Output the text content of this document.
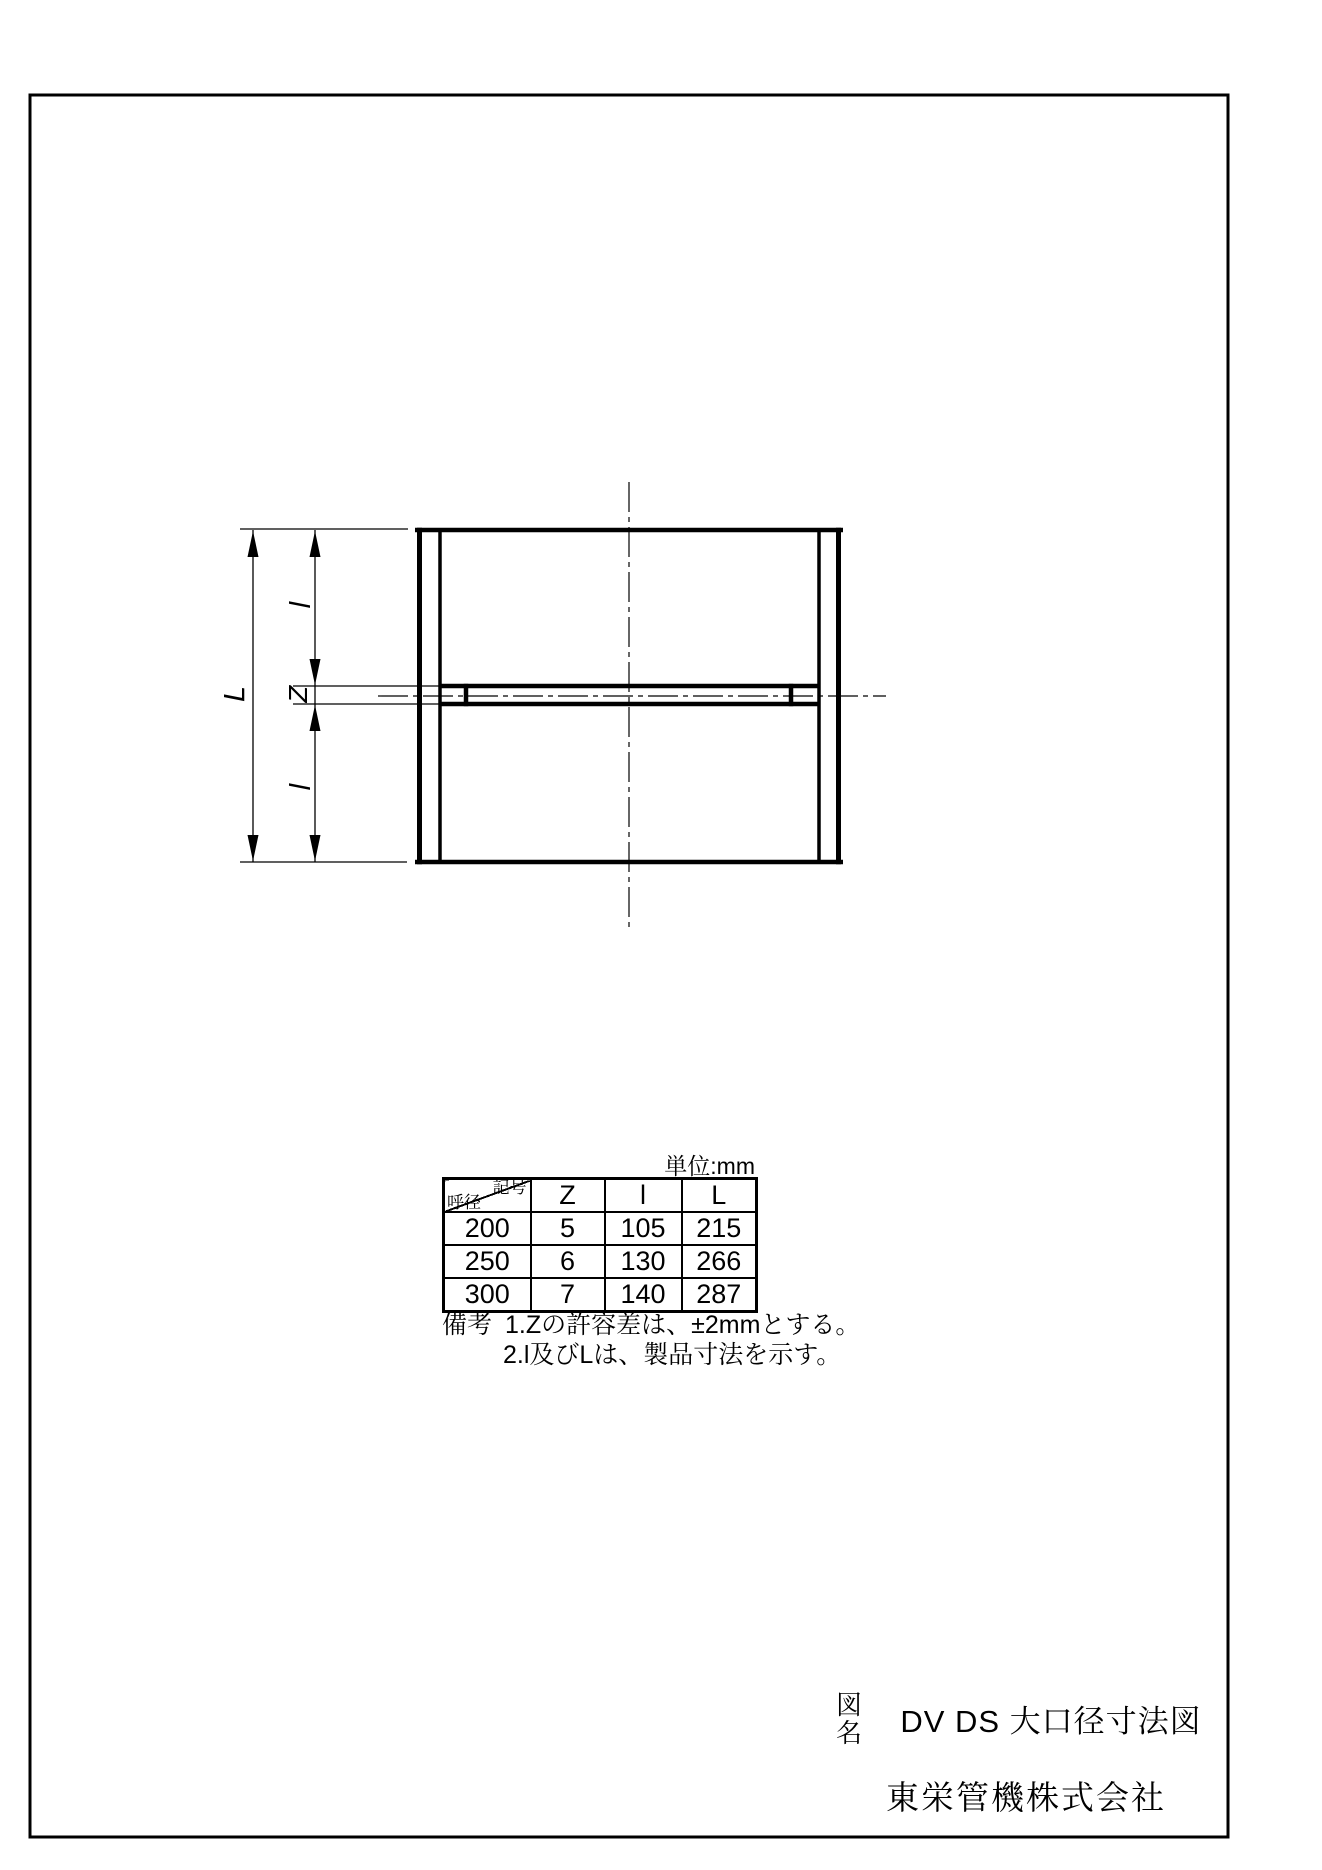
L
l
Z
l
単位:mm
記号
呼径	Z	l	L
200	5	105	215
250	6	130	266
300	7	140	287
備考 1.Zの許容差は、±2mmとする。
2.l及びLは、製品寸法を示す。
図名	DV DS 大口径寸法図
東栄管機株式会社
